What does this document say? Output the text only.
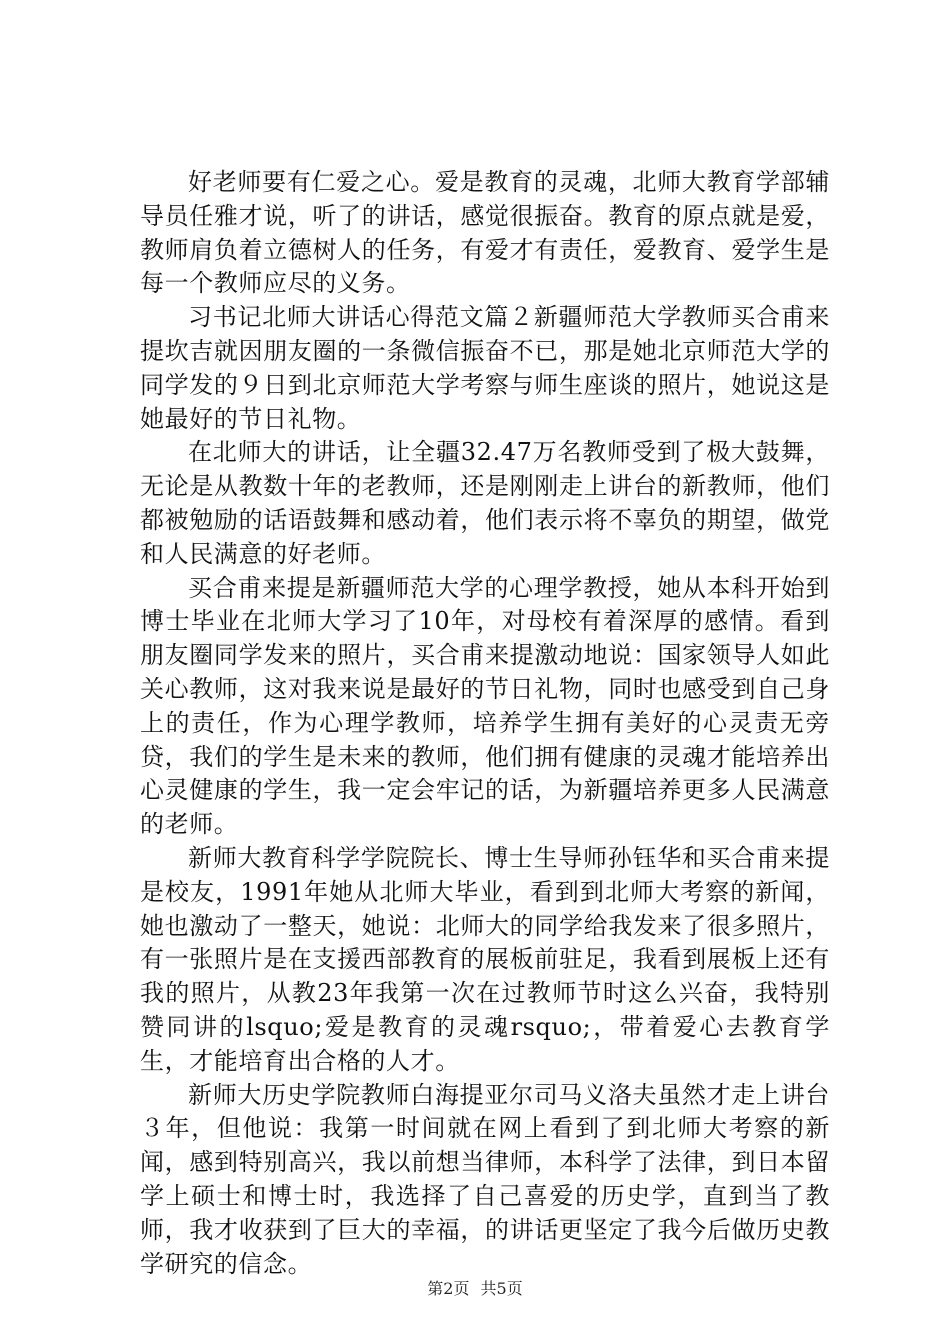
好老师要有仁爱之心。爱是教育的灵魂，北师大教育学部辅导员任雅才说，听了的讲话，感觉很振奋。教育的原点就是爱，教师肩负着立德树人的任务，有爱才有责任，爱教育、爱学生是每一个教师应尽的义务。

习书记北师大讲话心得范文篇２新疆师范大学教师买合甫来提坎吉就因朋友圈的一条微信振奋不已，那是她北京师范大学的同学发的９日到北京师范大学考察与师生座谈的照片，她说这是她最好的节日礼物。

在北师大的讲话，让全疆32.47万名教师受到了极大鼓舞，无论是从教数十年的老教师，还是刚刚走上讲台的新教师，他们都被勉励的话语鼓舞和感动着，他们表示将不辜负的期望，做党和人民满意的好老师。

买合甫来提是新疆师范大学的心理学教授，她从本科开始到博士毕业在北师大学习了10年，对母校有着深厚的感情。看到朋友圈同学发来的照片，买合甫来提激动地说：国家领导人如此关心教师，这对我来说是最好的节日礼物，同时也感受到自己身上的责任，作为心理学教师，培养学生拥有美好的心灵责无旁贷，我们的学生是未来的教师，他们拥有健康的灵魂才能培养出心灵健康的学生，我一定会牢记的话，为新疆培养更多人民满意的老师。

新师大教育科学学院院长、博士生导师孙钰华和买合甫来提是校友，1991年她从北师大毕业，看到到北师大考察的新闻，她也激动了一整天，她说：北师大的同学给我发来了很多照片，有一张照片是在支援西部教育的展板前驻足，我看到展板上还有我的照片，从教23年我第一次在过教师节时这么兴奋，我特别赞同讲的lsquo;爱是教育的灵魂rsquo;，带着爱心去教育学生，才能培育出合格的人才。

新师大历史学院教师白海提亚尔司马义洛夫虽然才走上讲台３年，但他说：我第一时间就在网上看到了到北师大考察的新闻，感到特别高兴，我以前想当律师，本科学了法律，到日本留学上硕士和博士时，我选择了自己喜爱的历史学，直到当了教师，我才收获到了巨大的幸福，的讲话更坚定了我今后做历史教学研究的信念。

第2页 共5页
